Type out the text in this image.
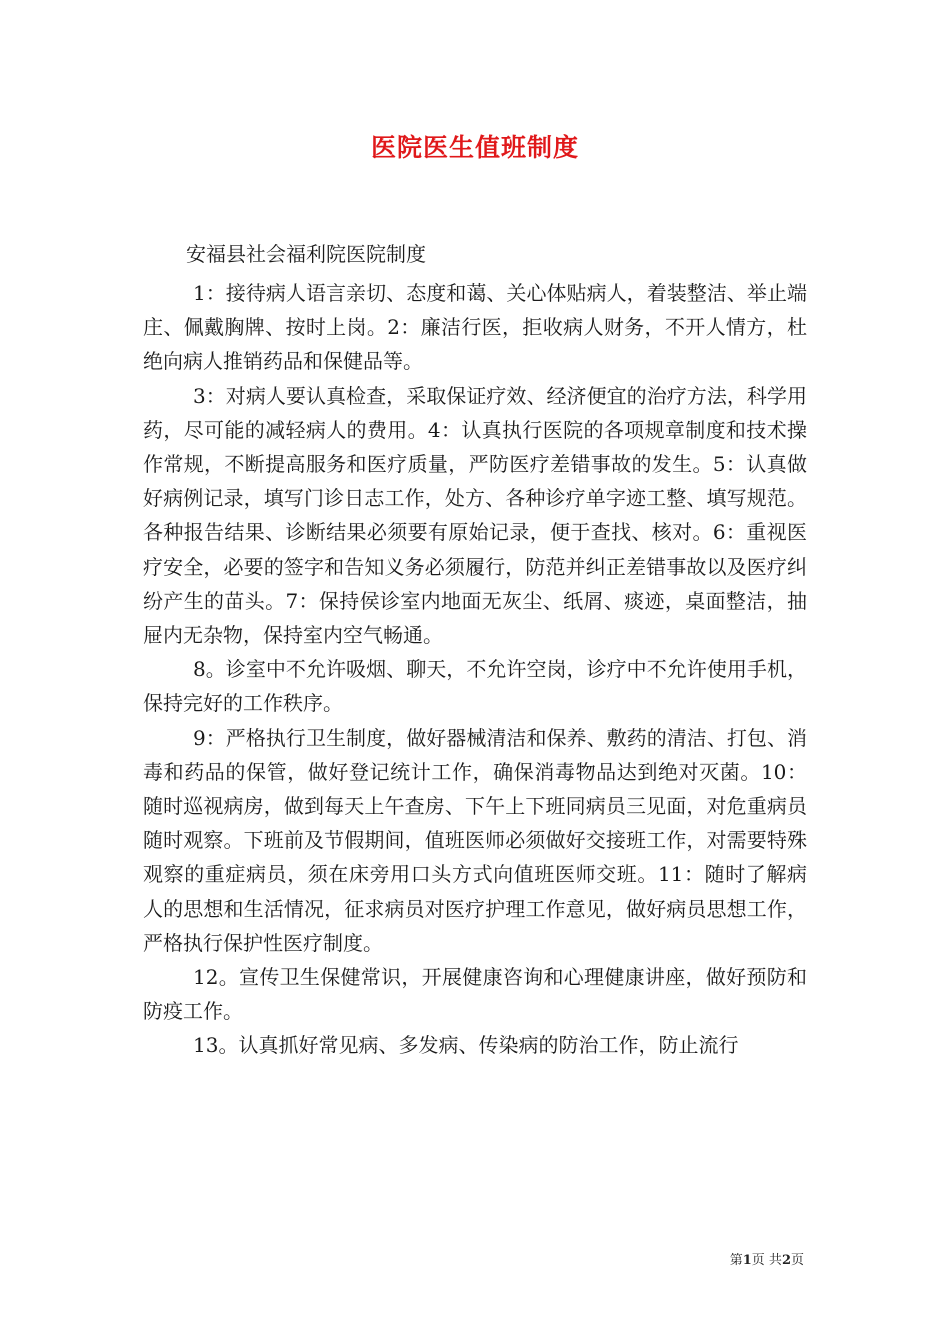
医院医生值班制度
安福县社会福利院医院制度

1：接待病人语言亲切、态度和蔼、关心体贴病人，着装整洁、举止端庄、佩戴胸牌、按时上岗。2：廉洁行医，拒收病人财务，不开人情方，杜绝向病人推销药品和保健品等。

3：对病人要认真检查，采取保证疗效、经济便宜的治疗方法，科学用药，尽可能的减轻病人的费用。4：认真执行医院的各项规章制度和技术操作常规，不断提高服务和医疗质量，严防医疗差错事故的发生。5：认真做好病例记录，填写门诊日志工作，处方、各种诊疗单字迹工整、填写规范。各种报告结果、诊断结果必须要有原始记录，便于查找、核对。6：重视医疗安全，必要的签字和告知义务必须履行，防范并纠正差错事故以及医疗纠纷产生的苗头。7：保持侯诊室内地面无灰尘、纸屑、痰迹，桌面整洁，抽屉内无杂物，保持室内空气畅通。

8。诊室中不允许吸烟、聊天，不允许空岗，诊疗中不允许使用手机，保持完好的工作秩序。

9：严格执行卫生制度，做好器械清洁和保养、敷药的清洁、打包、消毒和药品的保管，做好登记统计工作，确保消毒物品达到绝对灭菌。10：随时巡视病房，做到每天上午查房、下午上下班同病员三见面，对危重病员随时观察。下班前及节假期间，值班医师必须做好交接班工作，对需要特殊观察的重症病员，须在床旁用口头方式向值班医师交班。11：随时了解病人的思想和生活情况，征求病员对医疗护理工作意见，做好病员思想工作，严格执行保护性医疗制度。

12。宣传卫生保健常识，开展健康咨询和心理健康讲座，做好预防和防疫工作。

13。认真抓好常见病、多发病、传染病的防治工作，防止流行

第1页 共2页
